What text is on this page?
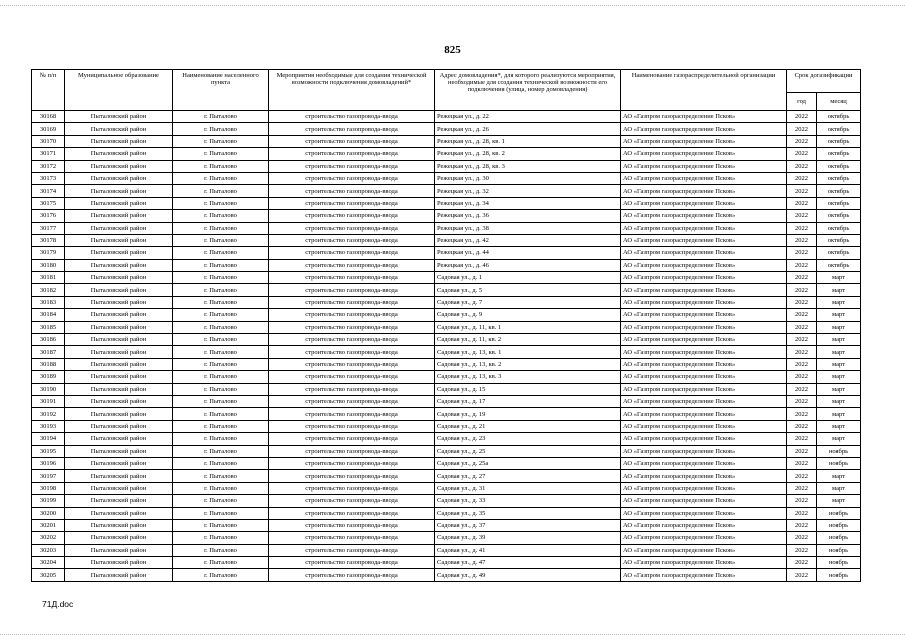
825
№ п/п	Муниципальное образование	Наименование населенного пункта	Мероприятия необходимые для создания технической возможности подключения домовладений*	Адрес домовладения*, для которого реализуются мероприятия, необходимые для создания технической возможности его подключения (улица, номер домовладения)	Наименование газораспределительной организации	Срок догазификации	
						год	месяц
30168	Пыталовский район	г. Пыталово	строительство газопровода-ввода	Режецкая ул., д. 22	АО «Газпром газораспределение Псков»	2022	октябрь
30169	Пыталовский район	г. Пыталово	строительство газопровода-ввода	Режецкая ул., д. 26	АО «Газпром газораспределение Псков»	2022	октябрь
30170	Пыталовский район	г. Пыталово	строительство газопровода-ввода	Режецкая ул., д. 28, кв. 1	АО «Газпром газораспределение Псков»	2022	октябрь
30171	Пыталовский район	г. Пыталово	строительство газопровода-ввода	Режецкая ул., д. 28, кв. 2	АО «Газпром газораспределение Псков»	2022	октябрь
30172	Пыталовский район	г. Пыталово	строительство газопровода-ввода	Режецкая ул., д. 28, кв. 3	АО «Газпром газораспределение Псков»	2022	октябрь
30173	Пыталовский район	г. Пыталово	строительство газопровода-ввода	Режецкая ул., д. 30	АО «Газпром газораспределение Псков»	2022	октябрь
30174	Пыталовский район	г. Пыталово	строительство газопровода-ввода	Режецкая ул., д. 32	АО «Газпром газораспределение Псков»	2022	октябрь
30175	Пыталовский район	г. Пыталово	строительство газопровода-ввода	Режецкая ул., д. 34	АО «Газпром газораспределение Псков»	2022	октябрь
30176	Пыталовский район	г. Пыталово	строительство газопровода-ввода	Режецкая ул., д. 36	АО «Газпром газораспределение Псков»	2022	октябрь
30177	Пыталовский район	г. Пыталово	строительство газопровода-ввода	Режецкая ул., д. 38	АО «Газпром газораспределение Псков»	2022	октябрь
30178	Пыталовский район	г. Пыталово	строительство газопровода-ввода	Режецкая ул., д. 42	АО «Газпром газораспределение Псков»	2022	октябрь
30179	Пыталовский район	г. Пыталово	строительство газопровода-ввода	Режецкая ул., д. 44	АО «Газпром газораспределение Псков»	2022	октябрь
30180	Пыталовский район	г. Пыталово	строительство газопровода-ввода	Режецкая ул., д. 46	АО «Газпром газораспределение Псков»	2022	октябрь
30181	Пыталовский район	г. Пыталово	строительство газопровода-ввода	Садовая ул., д. 1	АО «Газпром газораспределение Псков»	2022	март
30182	Пыталовский район	г. Пыталово	строительство газопровода-ввода	Садовая ул., д. 5	АО «Газпром газораспределение Псков»	2022	март
30183	Пыталовский район	г. Пыталово	строительство газопровода-ввода	Садовая ул., д. 7	АО «Газпром газораспределение Псков»	2022	март
30184	Пыталовский район	г. Пыталово	строительство газопровода-ввода	Садовая ул., д. 9	АО «Газпром газораспределение Псков»	2022	март
30185	Пыталовский район	г. Пыталово	строительство газопровода-ввода	Садовая ул., д. 11, кв. 1	АО «Газпром газораспределение Псков»	2022	март
30186	Пыталовский район	г. Пыталово	строительство газопровода-ввода	Садовая ул., д. 11, кв. 2	АО «Газпром газораспределение Псков»	2022	март
30187	Пыталовский район	г. Пыталово	строительство газопровода-ввода	Садовая ул., д. 13, кв. 1	АО «Газпром газораспределение Псков»	2022	март
30188	Пыталовский район	г. Пыталово	строительство газопровода-ввода	Садовая ул., д. 13, кв. 2	АО «Газпром газораспределение Псков»	2022	март
30189	Пыталовский район	г. Пыталово	строительство газопровода-ввода	Садовая ул., д. 13, кв. 3	АО «Газпром газораспределение Псков»	2022	март
30190	Пыталовский район	г. Пыталово	строительство газопровода-ввода	Садовая ул., д. 15	АО «Газпром газораспределение Псков»	2022	март
30191	Пыталовский район	г. Пыталово	строительство газопровода-ввода	Садовая ул., д. 17	АО «Газпром газораспределение Псков»	2022	март
30192	Пыталовский район	г. Пыталово	строительство газопровода-ввода	Садовая ул., д. 19	АО «Газпром газораспределение Псков»	2022	март
30193	Пыталовский район	г. Пыталово	строительство газопровода-ввода	Садовая ул., д. 21	АО «Газпром газораспределение Псков»	2022	март
30194	Пыталовский район	г. Пыталово	строительство газопровода-ввода	Садовая ул., д. 23	АО «Газпром газораспределение Псков»	2022	март
30195	Пыталовский район	г. Пыталово	строительство газопровода-ввода	Садовая ул., д. 25	АО «Газпром газораспределение Псков»	2022	ноябрь
30196	Пыталовский район	г. Пыталово	строительство газопровода-ввода	Садовая ул., д. 25а	АО «Газпром газораспределение Псков»	2022	ноябрь
30197	Пыталовский район	г. Пыталово	строительство газопровода-ввода	Садовая ул., д. 27	АО «Газпром газораспределение Псков»	2022	март
30198	Пыталовский район	г. Пыталово	строительство газопровода-ввода	Садовая ул., д. 31	АО «Газпром газораспределение Псков»	2022	март
30199	Пыталовский район	г. Пыталово	строительство газопровода-ввода	Садовая ул., д. 33	АО «Газпром газораспределение Псков»	2022	март
30200	Пыталовский район	г. Пыталово	строительство газопровода-ввода	Садовая ул., д. 35	АО «Газпром газораспределение Псков»	2022	ноябрь
30201	Пыталовский район	г. Пыталово	строительство газопровода-ввода	Садовая ул., д. 37	АО «Газпром газораспределение Псков»	2022	ноябрь
30202	Пыталовский район	г. Пыталово	строительство газопровода-ввода	Садовая ул., д. 39	АО «Газпром газораспределение Псков»	2022	ноябрь
30203	Пыталовский район	г. Пыталово	строительство газопровода-ввода	Садовая ул., д. 41	АО «Газпром газораспределение Псков»	2022	ноябрь
30204	Пыталовский район	г. Пыталово	строительство газопровода-ввода	Садовая ул., д. 47	АО «Газпром газораспределение Псков»	2022	ноябрь
30205	Пыталовский район	г. Пыталово	строительство газопровода-ввода	Садовая ул., д. 49	АО «Газпром газораспределение Псков»	2022	ноябрь
71Д.doc
